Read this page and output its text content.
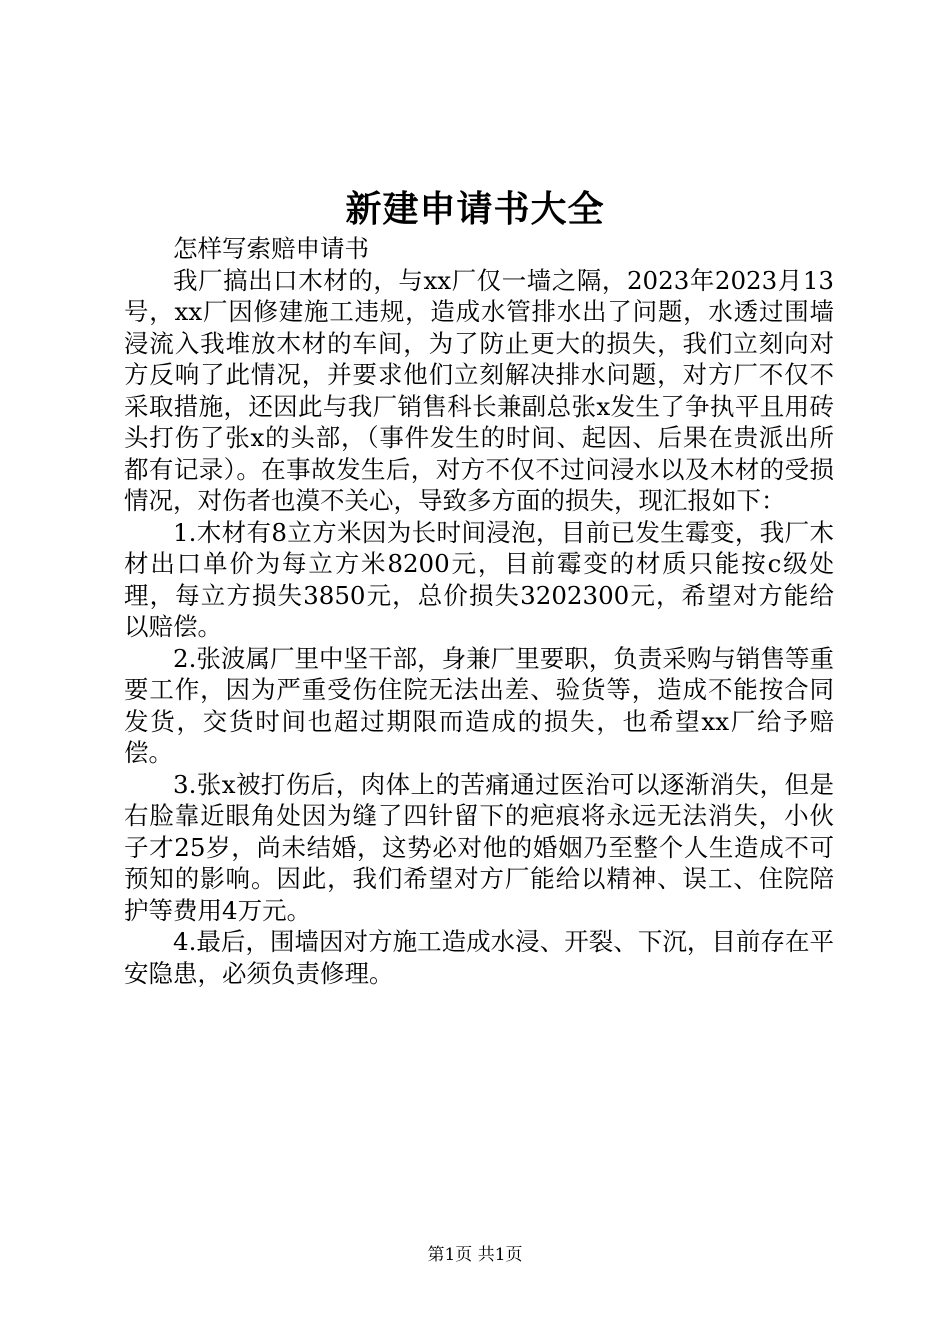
新建申请书大全

怎样写索赔申请书

我厂搞出口木材的，与xx厂仅一墙之隔，2023年2023月13号，xx厂因修建施工违规，造成水管排水出了问题，水透过围墙浸流入我堆放木材的车间，为了防止更大的损失，我们立刻向对方反响了此情况，并要求他们立刻解决排水问题，对方厂不仅不采取措施，还因此与我厂销售科长兼副总张x发生了争执平且用砖头打伤了张x的头部，（事件发生的时间、起因、后果在贵派出所都有记录）。在事故发生后，对方不仅不过问浸水以及木材的受损情况，对伤者也漠不关心，导致多方面的损失，现汇报如下：

1.木材有8立方米因为长时间浸泡，目前已发生霉变，我厂木材出口单价为每立方米8200元，目前霉变的材质只能按c级处理，每立方损失3850元，总价损失3202300元，希望对方能给以赔偿。

2.张波属厂里中坚干部，身兼厂里要职，负责采购与销售等重要工作，因为严重受伤住院无法出差、验货等，造成不能按合同发货，交货时间也超过期限而造成的损失，也希望xx厂给予赔偿。

3.张x被打伤后，肉体上的苦痛通过医治可以逐渐消失，但是右脸靠近眼角处因为缝了四针留下的疤痕将永远无法消失，小伙子才25岁，尚未结婚，这势必对他的婚姻乃至整个人生造成不可预知的影响。因此，我们希望对方厂能给以精神、误工、住院陪护等费用4万元。

4.最后，围墙因对方施工造成水浸、开裂、下沉，目前存在平安隐患，必须负责修理。

第1页 共1页
